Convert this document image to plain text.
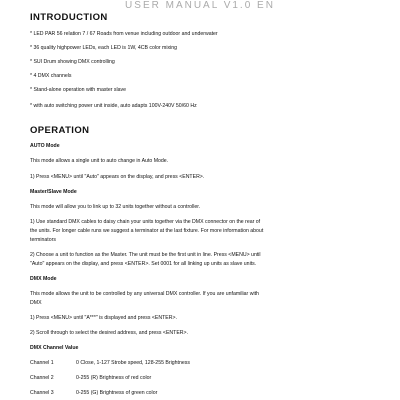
USER MANUAL V1.0 EN
INTRODUCTION
* LED PAR 56 relation 7 / 67 Roads from venue including outdoor and underwater
* 36 quality highpower LEDs, each LED is 1W, 4CB color mixing
* SUI Drum showing DMX controlling
* 4 DMX channels
* Stand-alone operation with master slave
* with auto switching power unit inside, auto adapts 100V-240V 50/60 Hz
OPERATION
AUTO Mode
This mode allows a single unit to auto change in Auto Mode.
1) Press <MENU> until "Auto" appears on the display, and press <ENTER>.
Master/Slave Mode
This mode will allow you to link up to 32 units together without a controller.
1) Use standard DMX cables to daisy chain your units together via the DMX connector on the rear of
the units. For longer cable runs we suggest a terminator at the last fixture. For more information about
terminators
2) Choose a unit to function as the Master. The unit must be the first unit in line. Press <MENU> until
"Auto" appears on the display, and press <ENTER>. Set 0001 for all linking up units as slave units.
DMX Mode
This mode allows the unit to be controlled by any universal DMX controller. If you are unfamiliar with
DMX
1) Press <MENU> until "A***" is displayed and press <ENTER>.
2) Scroll through to select the desired address, and press <ENTER>.
DMX Channel Value
Channel 1	0 Close, 1-127 Strobe speed, 128-255 Brightness
Channel 2	0-255 (R) Brightness of red color
Channel 3	0-255 (G) Brightness of green color
